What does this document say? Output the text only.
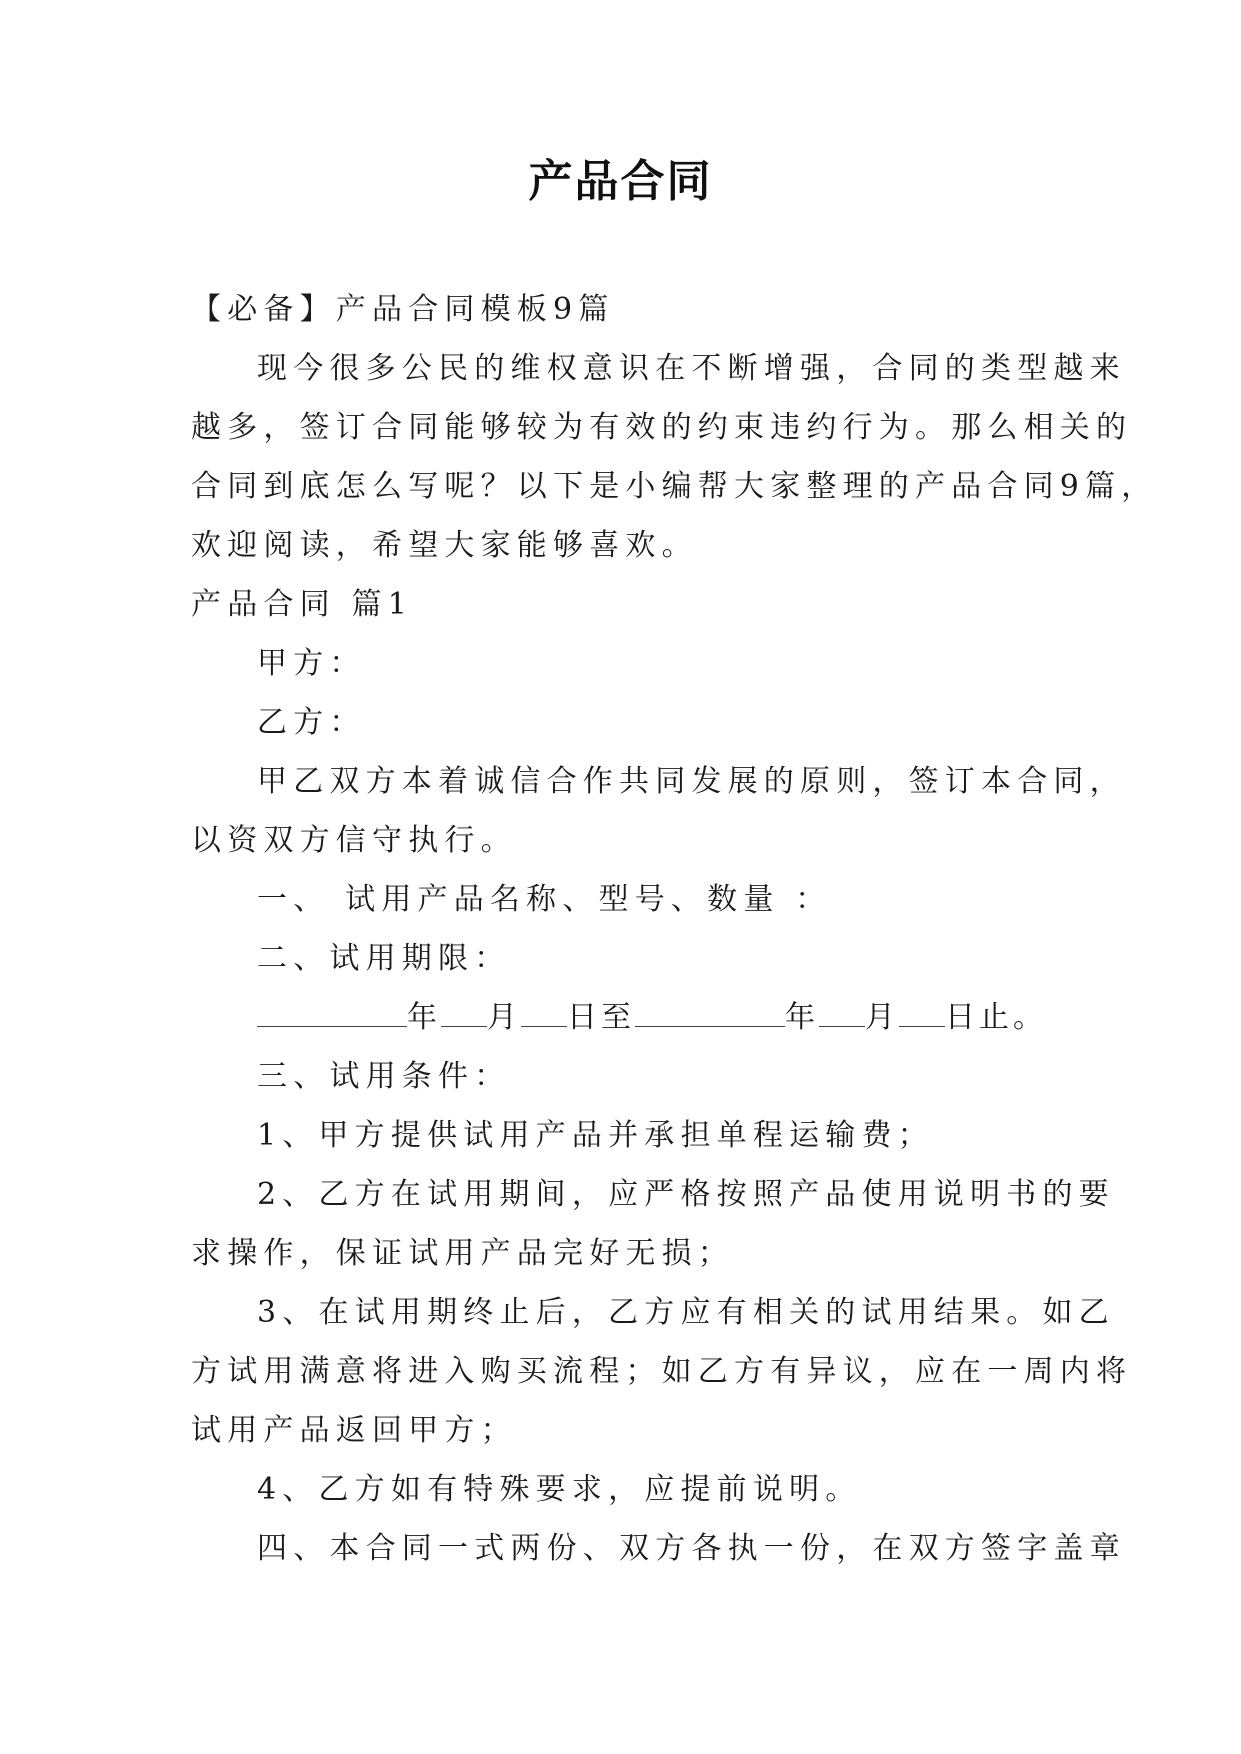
产品合同
【必备】产品合同模板9篇
现今很多公民的维权意识在不断增强，合同的类型越来
越多，签订合同能够较为有效的约束违约行为。那么相关的
合同到底怎么写呢？以下是小编帮大家整理的产品合同9篇，
欢迎阅读，希望大家能够喜欢。
产品合同 篇1
甲方：
乙方：
甲乙双方本着诚信合作共同发展的原则，签订本合同，
以资双方信守执行。
一、 试用产品名称、型号、数量 ：
二、试用期限：
年 月 日至	年 月 日止。
三、试用条件：
1、甲方提供试用产品并承担单程运输费；
2、乙方在试用期间，应严格按照产品使用说明书的要
求操作，保证试用产品完好无损；
3、在试用期终止后，乙方应有相关的试用结果。如乙
方试用满意将进入购买流程；如乙方有异议，应在一周内将
试用产品返回甲方；
4、乙方如有特殊要求，应提前说明。
四、本合同一式两份、双方各执一份，在双方签字盖章
